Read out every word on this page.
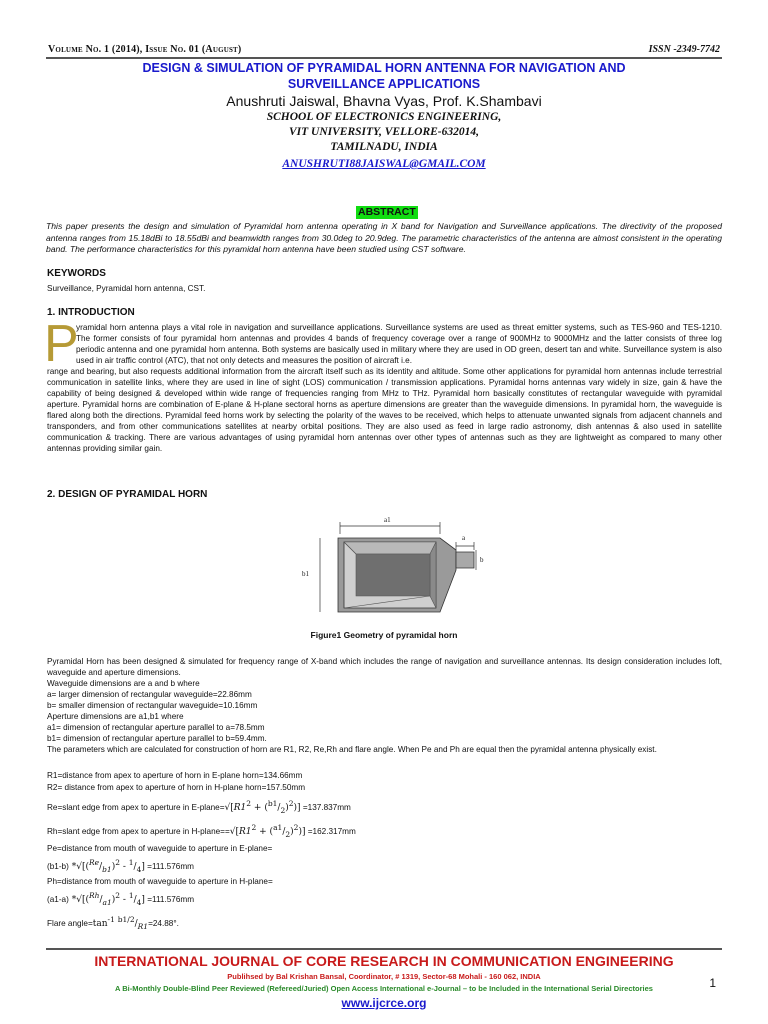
Volume No. 1 (2014), Issue No. 01 (August)	ISSN -2349-7742
DESIGN & SIMULATION OF PYRAMIDAL HORN ANTENNA FOR NAVIGATION AND
SURVEILLANCE APPLICATIONS
Anushruti Jaiswal, Bhavna Vyas, Prof. K.Shambavi
SCHOOL OF ELECTRONICS ENGINEERING,
VIT UNIVERSITY, VELLORE-632014,
TAMILNADU, INDIA
ANUSHRUTI88JAISWAL@GMAIL.COM
ABSTRACT
This paper presents the design and simulation of Pyramidal horn antenna operating in X band for Navigation and Surveillance applications. The directivity of the proposed antenna ranges from 15.18dBi to 18.55dBi and beamwidth ranges from 30.0deg to 20.9deg. The parametric characteristics of the antenna are almost consistent in the operating band. The performance characteristics for this pyramidal horn antenna have been studied using CST software.
KEYWORDS
Surveillance, Pyramidal horn antenna, CST.
1. INTRODUCTION
P
yramidal horn antenna plays a vital role in navigation and surveillance applications. Surveillance systems are used as threat emitter systems, such as TES-960 and TES-1210. The former consists of four pyramidal horn antennas and provides 4 bands of frequency coverage over a range of 900MHz to 9000MHz and the latter consists of three log periodic antenna and one pyramidal horn antenna. Both systems are basically used in military where they are used in OD green, desert tan and white. Surveillance system is also used in air traffic control (ATC), that not only detects and measures the position of aircraft i.e.
range and bearing, but also requests additional information from the aircraft itself such as its identity and altitude. Some other applications for pyramidal horn antennas include terrestrial communication in satellite links, where they are used in line of sight (LOS) communication / transmission applications. Pyramidal horns antennas vary widely in size, gain & have the capability of being designed & developed within wide range of frequencies ranging from MHz to THz. Pyramidal horn basically constitutes of rectangular waveguide with pyramidal aperture. Pyramidal horns are combination of E-plane & H-plane sectoral horns as aperture dimensions are greater than the waveguide dimensions. In pyramidal horn, the waveguide is flared along both the directions. Pyramidal feed horns work by selecting the polarity of the waves to be received, which helps to attenuate unwanted signals from adjacent channels and transponders, and from other communications satellites at nearby orbital positions. They are also used as feed in large radio astronomy, dish antennas & also used in satellite communication & tracking. There are various advantages of using pyramidal horn antennas over other types of antennas such as they are lightweight as compared to many other antennas providing similar gain.
2. DESIGN OF PYRAMIDAL HORN
a1
b1
a
b
Figure1 Geometry of pyramidal horn
Pyramidal Horn has been designed & simulated for frequency range of X-band which includes the range of navigation and surveillance antennas. Its design consideration includes loft, waveguide and aperture dimensions.
Waveguide dimensions are a and b where
a= larger dimension of rectangular waveguide=22.86mm
b= smaller dimension of rectangular waveguide=10.16mm
Aperture dimensions are a1,b1 where
a1= dimension of rectangular aperture parallel to a=78.5mm
b1= dimension of rectangular aperture parallel to b=59.4mm.
The parameters which are calculated for construction of horn are R1, R2, Re,Rh and flare angle. When Pe and Ph are equal then the pyramidal antenna physically exist.
R1=distance from apex to aperture of horn in E-plane horn=134.66mm
R2= distance from apex to aperture of horn in H-plane horn=157.50mm
Re=slant edge from apex to aperture in $E-plane=√[R1^2 + (^{b1}/_2)^2)] =137.837mm$
Rh=slant edge from apex to aperture in $H-plane==√[R1^2 + (^{a1}/_2)^2)] =162.317mm$
Pe=distance from mouth of waveguide to aperture in E-plane=
(b1-b) $*√[(^{Re}/_{b1})^2 - ^1/_4] =111.576mm$
Ph=distance from mouth of waveguide to aperture in H-plane=
(a1-a) $*√[(^{Rh}/_{a1})^2 - ^1/_4] =111.576mm$
Flare $angle=\tan^{-1}$ $^{b1/2}/_{R1}=24.88^\circ$.
INTERNATIONAL JOURNAL OF CORE RESEARCH IN COMMUNICATION ENGINEERING
Publihsed by Bal Krishan Bansal, Coordinator, # 1319, Sector-68 Mohali - 160 062, INDIA
A Bi-Monthly Double-Blind Peer Reviewed (Refereed/Juried) Open Access International e-Journal – to be Included in the International Serial Directories
www.ijcrce.org
1
